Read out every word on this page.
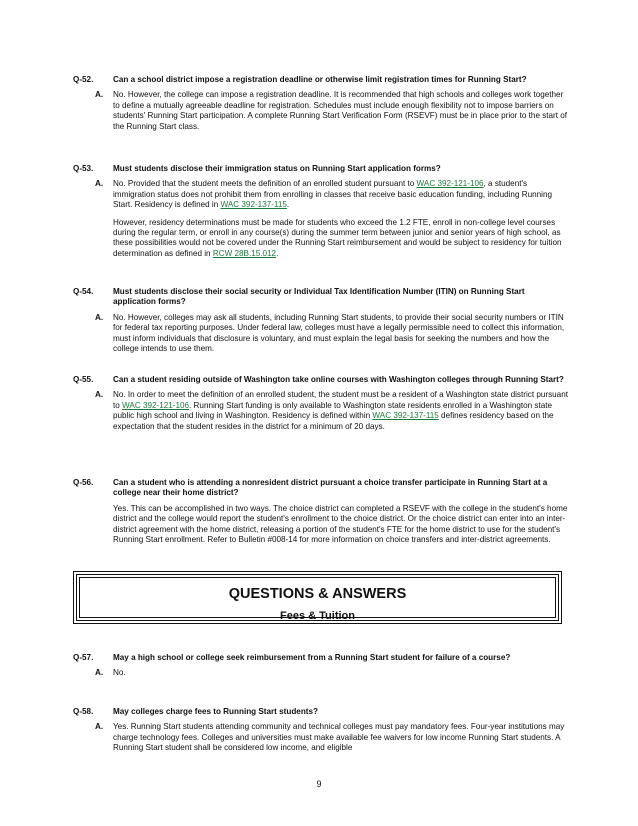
Q-52.	Can a school district impose a registration deadline or otherwise limit registration times for Running Start?
A.	No. However, the college can impose a registration deadline. It is recommended that high schools and colleges work together to define a mutually agreeable deadline for registration. Schedules must include enough flexibility not to impose barriers on students' Running Start participation. A complete Running Start Verification Form (RSEVF) must be in place prior to the start of the Running Start class.
Q-53.	Must students disclose their immigration status on Running Start application forms?
A.	No. Provided that the student meets the definition of an enrolled student pursuant to WAC 392-121-106, a student's immigration status does not prohibit them from enrolling in classes that receive basic education funding, including Running Start. Residency is defined in WAC 392-137-115.

However, residency determinations must be made for students who exceed the 1.2 FTE, enroll in non-college level courses during the regular term, or enroll in any course(s) during the summer term between junior and senior years of high school, as these possibilities would not be covered under the Running Start reimbursement and would be subject to residency for tuition determination as defined in RCW 28B.15.012.

Q-54.	Must students disclose their social security or Individual Tax Identification Number (ITIN) on Running Start application forms?
A.	No. However, colleges may ask all students, including Running Start students, to provide their social security numbers or ITIN for federal tax reporting purposes. Under federal law, colleges must have a legally permissible need to collect this information, must inform individuals that disclosure is voluntary, and must explain the legal basis for seeking the numbers and how the college intends to use them.
Q-55.	Can a student residing outside of Washington take online courses with Washington colleges through Running Start?
A.	No. In order to meet the definition of an enrolled student, the student must be a resident of a Washington state district pursuant to WAC 392-121-106. Running Start funding is only available to Washington state residents enrolled in a Washington state public high school and living in Washington. Residency is defined within WAC 392-137-115 defines residency based on the expectation that the student resides in the district for a minimum of 20 days.
Q-56.	Can a student who is attending a nonresident district pursuant a choice transfer participate in Running Start at a college near their home district?
Yes. This can be accomplished in two ways. The choice district can completed a RSEVF with the college in the student's home district and the college would report the student's enrollment to the choice district. Or the choice district can enter into an inter-district agreement with the home district, releasing a portion of the student's FTE for the home district to use for the student's Running Start enrollment. Refer to Bulletin #008-14 for more information on choice transfers and inter-district agreements.
QUESTIONS & ANSWERS
Fees & Tuition
Q-57.	May a high school or college seek reimbursement from a Running Start student for failure of a course?
A.	No.
Q-58.	May colleges charge fees to Running Start students?
A.	Yes. Running Start students attending community and technical colleges must pay mandatory fees. Four-year institutions may charge technology fees. Colleges and universities must make available fee waivers for low income Running Start students. A Running Start student shall be considered low income, and eligible
9
